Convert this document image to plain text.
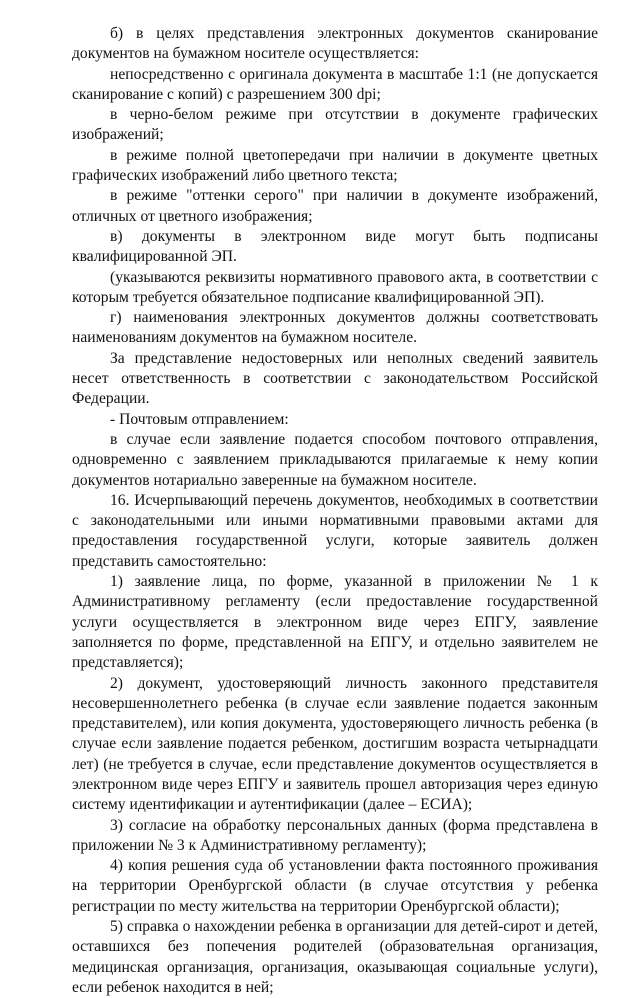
б) в целях представления электронных документов сканирование документов на бумажном носителе осуществляется:

непосредственно с оригинала документа в масштабе 1:1 (не допускается сканирование с копий) с разрешением 300 dpi;

в черно-белом режиме при отсутствии в документе графических изображений;

в режиме полной цветопередачи при наличии в документе цветных графических изображений либо цветного текста;

в режиме "оттенки серого" при наличии в документе изображений, отличных от цветного изображения;

в) документы в электронном виде могут быть подписаны квалифицированной ЭП.

(указываются реквизиты нормативного правового акта, в соответствии с которым требуется обязательное подписание квалифицированной ЭП).

г) наименования электронных документов должны соответствовать наименованиям документов на бумажном носителе.

За представление недостоверных или неполных сведений заявитель несет ответственность в соответствии с законодательством Российской Федерации.

- Почтовым отправлением:

в случае если заявление подается способом почтового отправления, одновременно с заявлением прикладываются прилагаемые к нему копии документов нотариально заверенные на бумажном носителе.

16. Исчерпывающий перечень документов, необходимых в соответствии с законодательными или иными нормативными правовыми актами для предоставления государственной услуги, которые заявитель должен представить самостоятельно:

1) заявление лица, по форме, указанной в приложении № 1 к Административному регламенту (если предоставление государственной услуги осуществляется в электронном виде через ЕПГУ, заявление заполняется по форме, представленной на ЕПГУ, и отдельно заявителем не представляется);

2) документ, удостоверяющий личность законного представителя несовершеннолетнего ребенка (в случае если заявление подается законным представителем), или копия документа, удостоверяющего личность ребенка (в случае если заявление подается ребенком, достигшим возраста четырнадцати лет) (не требуется в случае, если представление документов осуществляется в электронном виде через ЕПГУ и заявитель прошел авторизация через единую систему идентификации и аутентификации (далее – ЕСИА);

3) согласие на обработку персональных данных (форма представлена в приложении № 3 к Административному регламенту);

4) копия решения суда об установлении факта постоянного проживания на территории Оренбургской области (в случае отсутствия у ребенка регистрации по месту жительства на территории Оренбургской области);

5) справка о нахождении ребенка в организации для детей-сирот и детей, оставшихся без попечения родителей (образовательная организация, медицинская организация, организация, оказывающая социальные услуги), если ребенок находится в ней;
